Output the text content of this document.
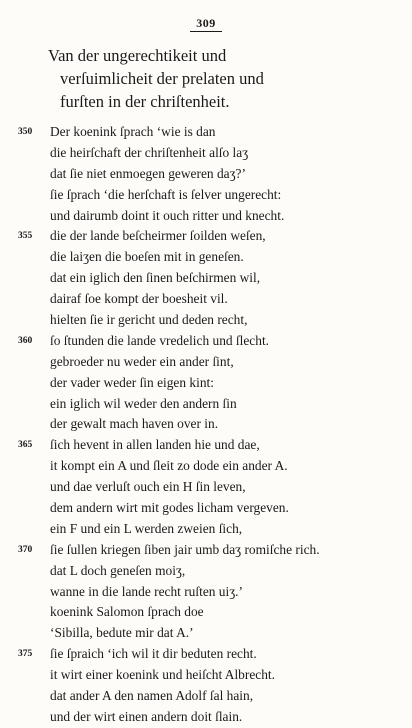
309
Van der ungerechtikeit und
verſuimlicheit der prelaten und
furſten in der chriſtenheit.
350	Der koenink ſprach ‘wie is dan
die heirſchaft der chriſtenheit alſo laʒ
dat ſie niet enmoegen geweren daʒ?’
ſie ſprach ‘die herſchaft is ſelver ungerecht:
und dairumb doint it ouch ritter und knecht.
355	die der lande beſcheirmer ſoilden weſen,
die laiʒen die boeſen mit in geneſen.
dat ein iglich den ſinen beſchirmen wil,
dairaf ſoe kompt der boesheit vil.
hielten ſie ir gericht und deden recht,
360	ſo ſtunden die lande vredelich und ſlecht.
gebroeder nu weder ein ander ſint,
der vader weder ſin eigen kint:
ein iglich wil weder den andern ſin
der gewalt mach haven over in.
365	ſich hevent in allen landen hie und dae,
it kompt ein A und ſleit zo dode ein ander A.
und dae verluſt ouch ein H ſin leven,
dem andern wirt mit godes licham vergeven.
ein F und ein L werden zweien ſich,
370	ſie ſullen kriegen ſiben jair umb daʒ romiſche rich.
dat L doch geneſen moiʒ,
wanne in die lande recht ruſten uiʒ.’
koenink Salomon ſprach doe
‘Sibilla, bedute mir dat A.’
375	ſie ſpraich ‘ich wil it dir beduten recht.
it wirt einer koenink und heiſcht Albrecht.
dat ander A den namen Adolf ſal hain,
und der wirt einen andern doit ſlain.
